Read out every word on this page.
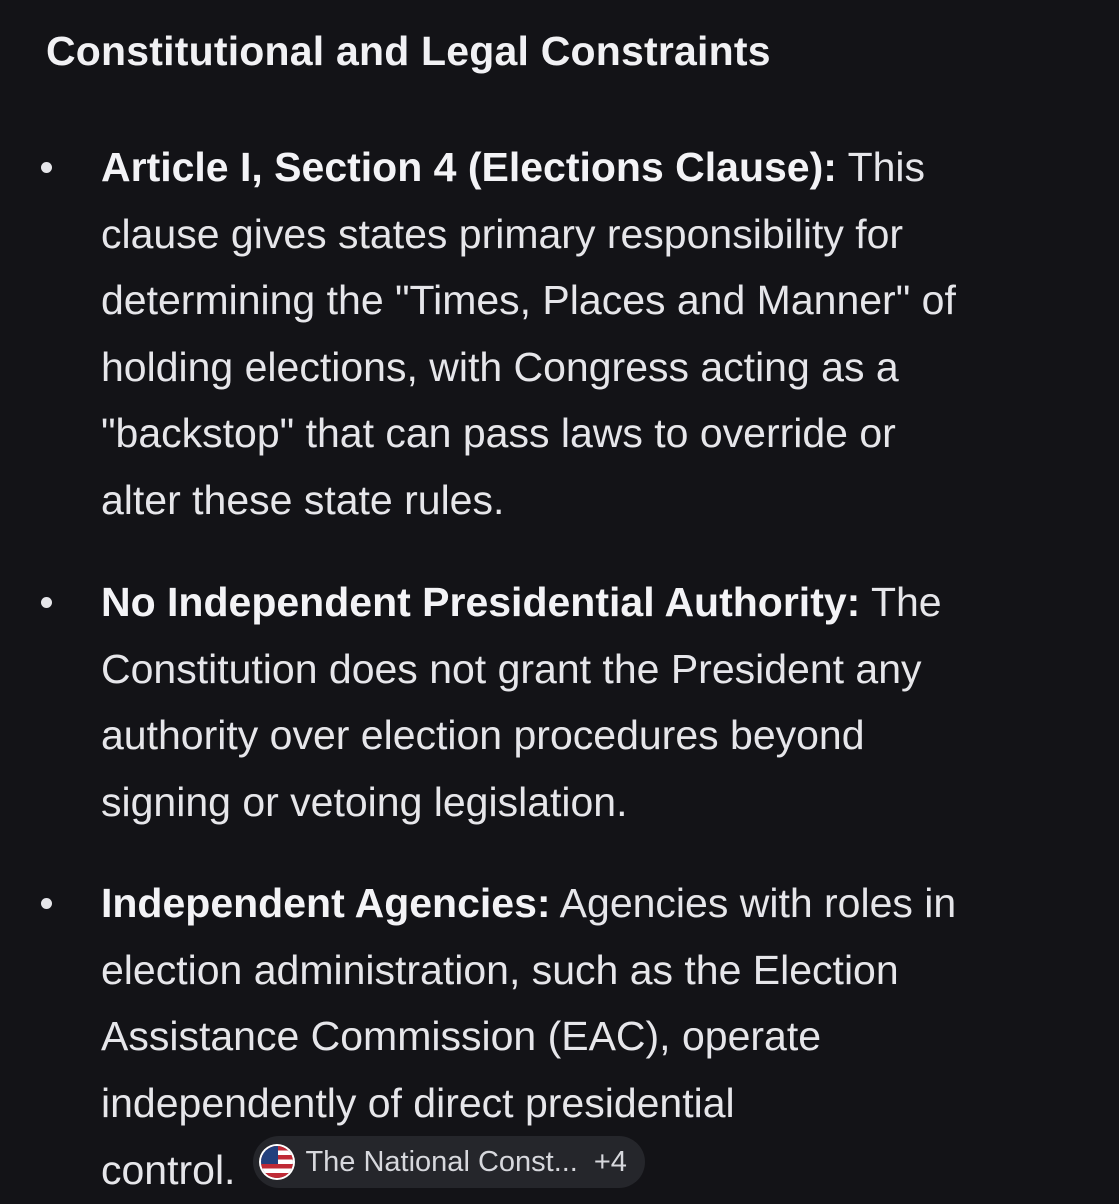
Constitutional and Legal Constraints
Article I, Section 4 (Elections Clause): This
clause gives states primary responsibility for
determining the "Times, Places and Manner" of
holding elections, with Congress acting as a
"backstop" that can pass laws to override or
alter these state rules.
No Independent Presidential Authority: The
Constitution does not grant the President any
authority over election procedures beyond
signing or vetoing legislation.
Independent Agencies: Agencies with roles in
election administration, such as the Election
Assistance Commission (EAC), operate
independently of direct presidential
control. The National Const... +4
